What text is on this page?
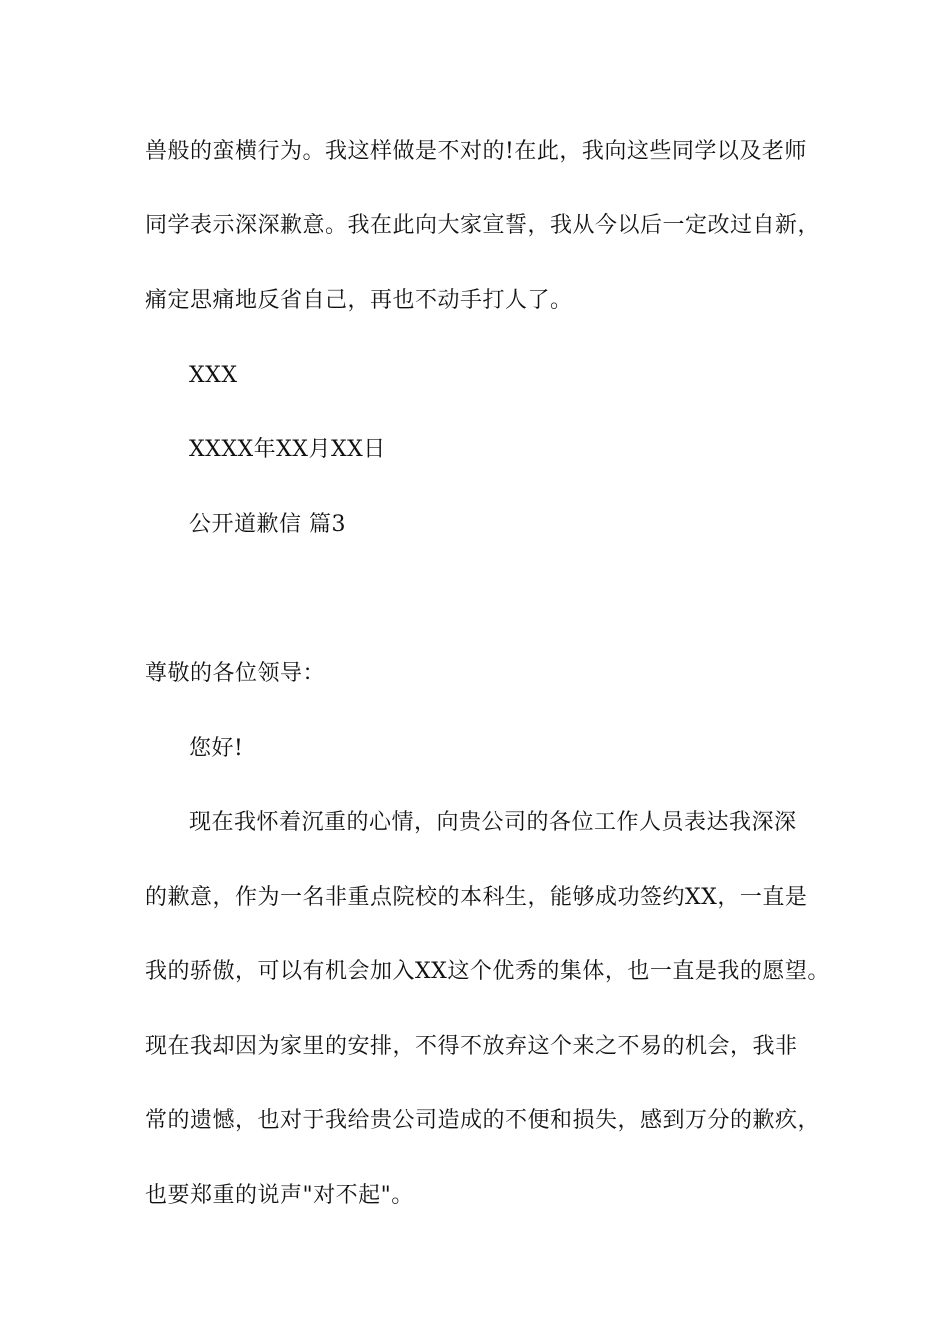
兽般的蛮横行为。我这样做是不对的!在此，我向这些同学以及老师
同学表示深深歉意。我在此向大家宣誓，我从今以后一定改过自新，
痛定思痛地反省自己，再也不动手打人了。
XXX
XXXX年XX月XX日
公开道歉信 篇3
尊敬的各位领导：
您好!
现在我怀着沉重的心情，向贵公司的各位工作人员表达我深深
的歉意，作为一名非重点院校的本科生，能够成功签约XX，一直是
我的骄傲，可以有机会加入XX这个优秀的集体，也一直是我的愿望。
现在我却因为家里的安排，不得不放弃这个来之不易的机会，我非
常的遗憾，也对于我给贵公司造成的不便和损失，感到万分的歉疚，
也要郑重的说声"对不起"。
